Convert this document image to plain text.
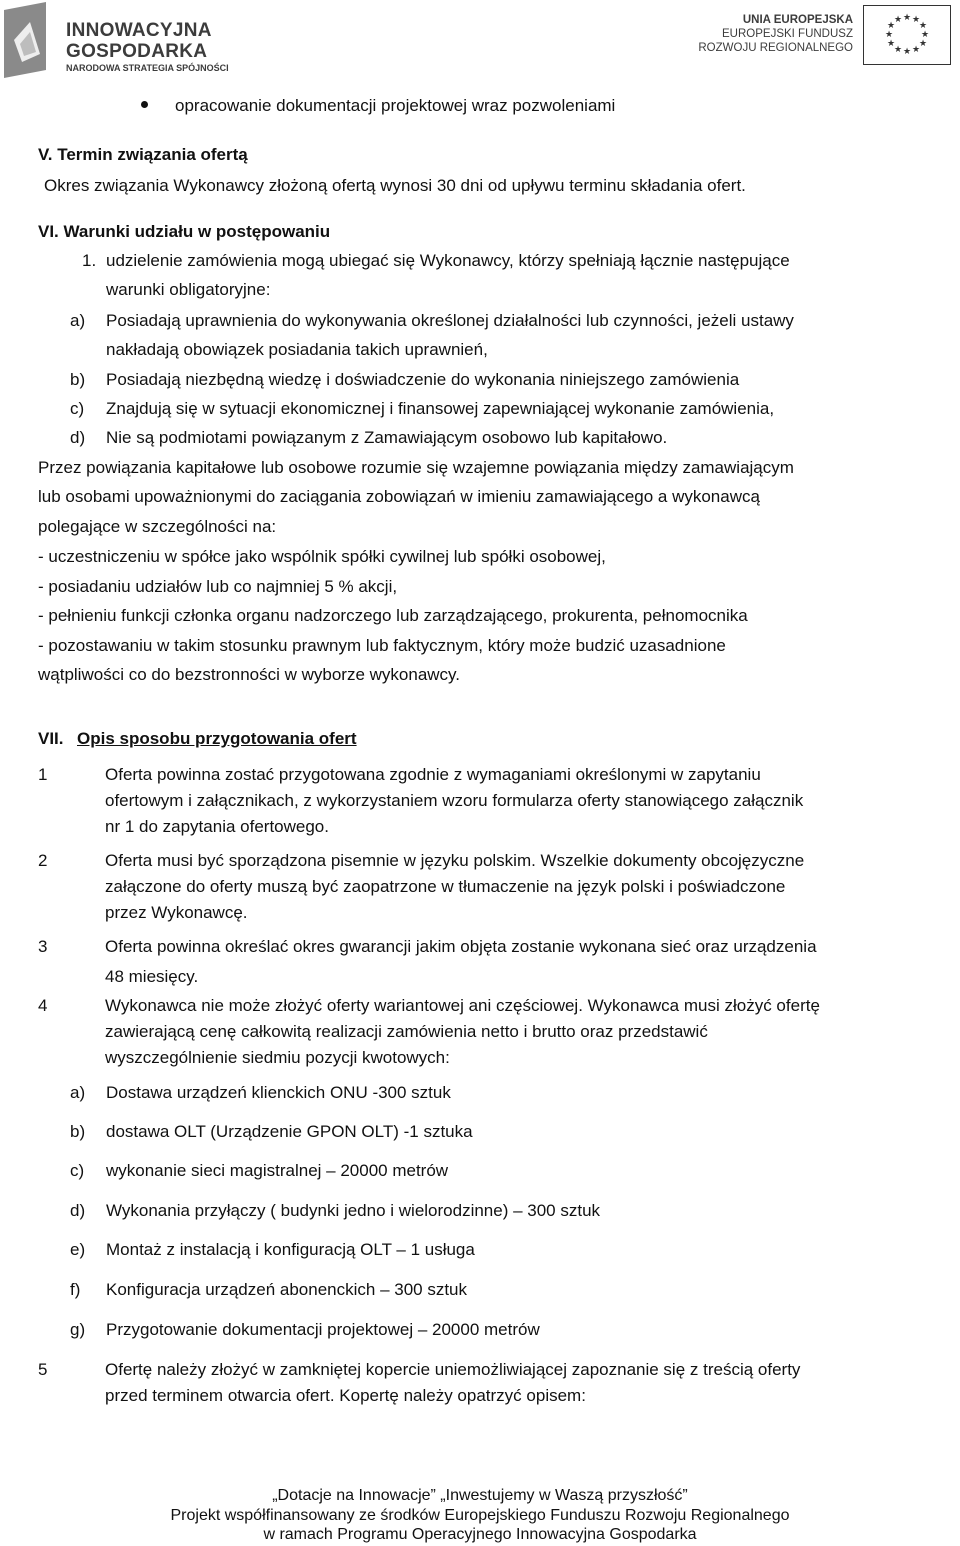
INNOWACYJNA
GOSPODARKA
NARODOWA STRATEGIA SPÓJNOŚCI
UNIA EUROPEJSKA
EUROPEJSKI FUNDUSZ
ROZWOJU REGIONALNEGO
★ ★
★
★
★
★
★
★
★
★
★
★
opracowanie dokumentacji projektowej wraz pozwoleniami
V. Termin związania ofertą
Okres związania Wykonawcy złożoną ofertą wynosi 30 dni od upływu terminu składania ofert.
VI. Warunki udziału w postępowaniu
1. udzielenie zamówienia mogą ubiegać się Wykonawcy, którzy spełniają łącznie następujące
warunki obligatoryjne:
a) Posiadają uprawnienia do wykonywania określonej działalności lub czynności, jeżeli ustawy
nakładają obowiązek posiadania takich uprawnień,
b) Posiadają niezbędną wiedzę i doświadczenie do wykonania niniejszego zamówienia
c) Znajdują się w sytuacji ekonomicznej i finansowej zapewniającej wykonanie zamówienia,
d) Nie są podmiotami powiązanym z Zamawiającym osobowo lub kapitałowo.
Przez powiązania kapitałowe lub osobowe rozumie się wzajemne powiązania między zamawiającym
lub osobami upoważnionymi do zaciągania zobowiązań w imieniu zamawiającego a wykonawcą
polegające w szczególności na:
- uczestniczeniu w spółce jako wspólnik spółki cywilnej lub spółki osobowej,
- posiadaniu udziałów lub co najmniej 5 % akcji,
- pełnieniu funkcji członka organu nadzorczego lub zarządzającego, prokurenta, pełnomocnika
- pozostawaniu w takim stosunku prawnym lub faktycznym, który może budzić uzasadnione
wątpliwości co do bezstronności w wyborze wykonawcy.
VII. Opis sposobu przygotowania ofert
1	Oferta powinna zostać przygotowana zgodnie z wymaganiami określonymi w zapytaniu
ofertowym i załącznikach, z wykorzystaniem wzoru formularza oferty stanowiącego załącznik
nr 1 do zapytania ofertowego.
2	Oferta musi być sporządzona pisemnie w języku polskim. Wszelkie dokumenty obcojęzyczne
załączone do oferty muszą być zaopatrzone w tłumaczenie na język polski i poświadczone
przez Wykonawcę.
3	Oferta powinna określać okres gwarancji jakim objęta zostanie wykonana sieć oraz urządzenia
48 miesięcy.
4	Wykonawca nie może złożyć oferty wariantowej ani częściowej. Wykonawca musi złożyć ofertę
zawierającą cenę całkowitą realizacji zamówienia netto i brutto oraz przedstawić
wyszczególnienie siedmiu pozycji kwotowych:
a) Dostawa urządzeń klienckich ONU -300 sztuk
b) dostawa OLT (Urządzenie GPON OLT) -1 sztuka
c) wykonanie sieci magistralnej – 20000 metrów
d) Wykonania przyłączy ( budynki jedno i wielorodzinne) – 300 sztuk
e) Montaż z instalacją i konfiguracją OLT – 1 usługa
f) Konfiguracja urządzeń abonenckich – 300 sztuk
g) Przygotowanie dokumentacji projektowej – 20000 metrów
5	Ofertę należy złożyć w zamkniętej kopercie uniemożliwiającej zapoznanie się z treścią oferty
przed terminem otwarcia ofert. Kopertę należy opatrzyć opisem:
„Dotacje na Innowacje” „Inwestujemy w Waszą przyszłość”
Projekt współfinansowany ze środków Europejskiego Funduszu Rozwoju Regionalnego
w ramach Programu Operacyjnego Innowacyjna Gospodarka
